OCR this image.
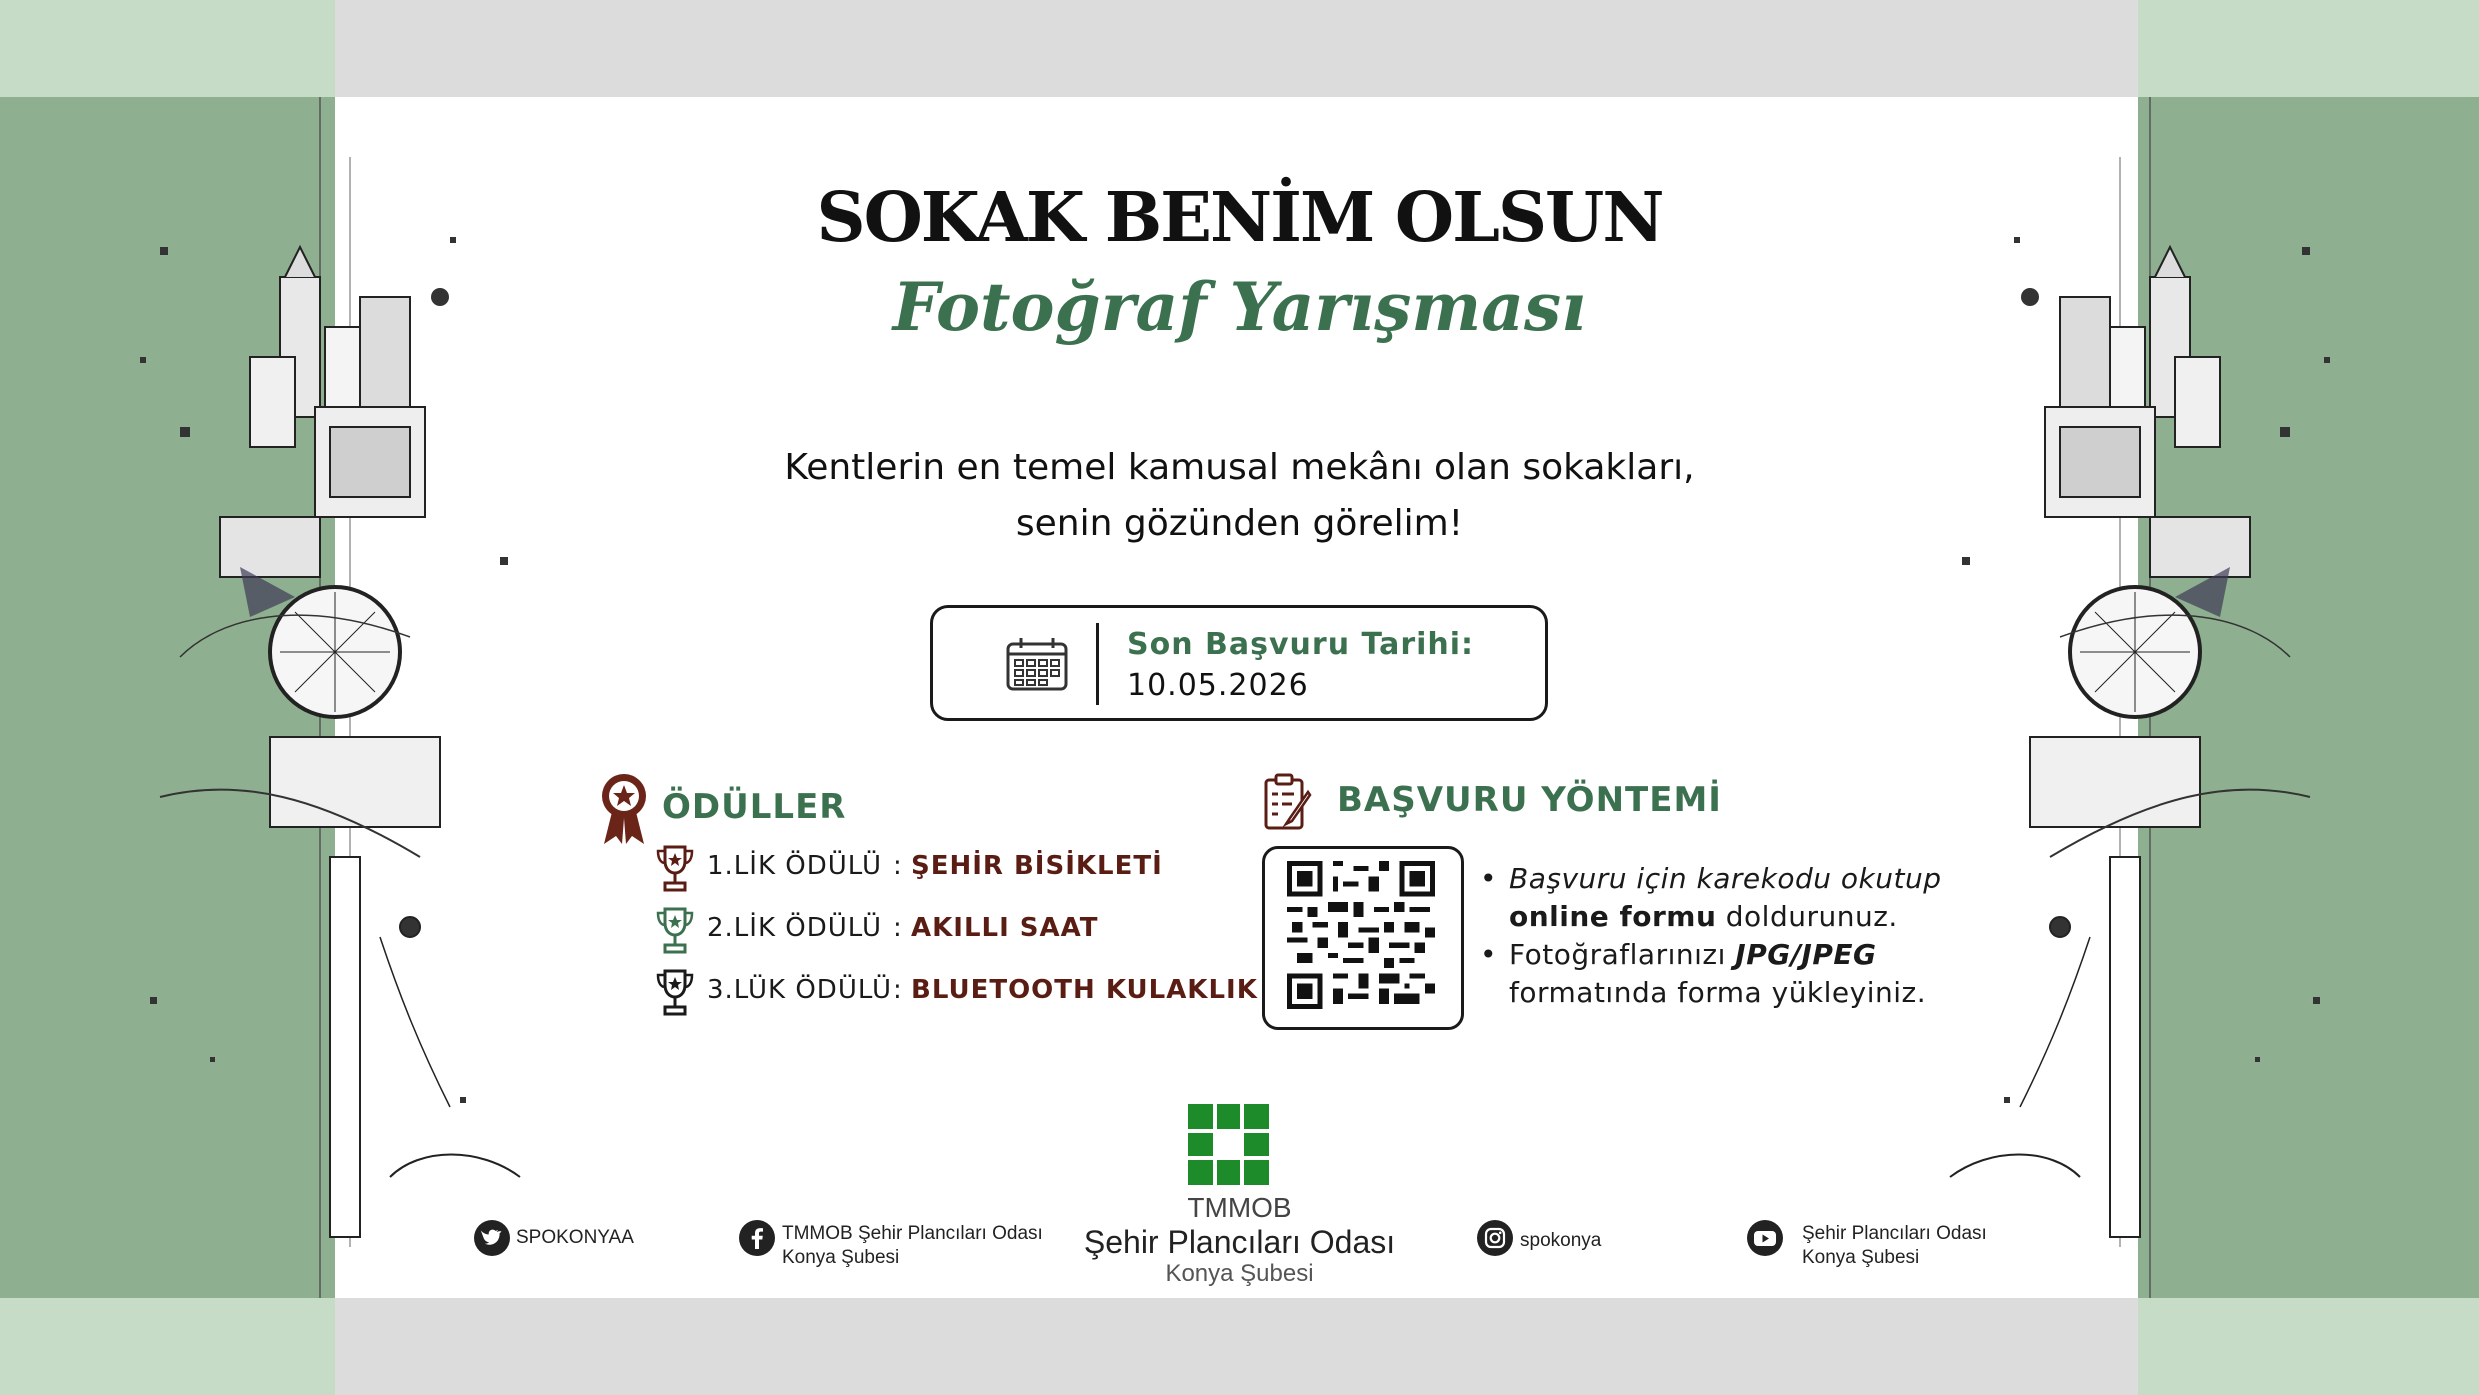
SOKAK BENİM OLSUN
Fotoğraf Yarışması
Kentlerin en temel kamusal mekânı olan sokakları,
senin gözünden görelim!
Son Başvuru Tarihi:
10.05.2026
ÖDÜLLER
1.LİK ÖDÜLÜ : ŞEHİR BİSİKLETİ
2.LİK ÖDÜLÜ : AKILLI SAAT
3.LÜK ÖDÜLÜ : BLUETOOTH KULAKLIK
BAŞVURU YÖNTEMİ
• Başvuru için karekodu okutup
online formu doldurunuz.
• Fotoğraflarınızı JPG/JPEG
formatında forma yükleyiniz.
TMMOB
Şehir Plancıları Odası
Konya Şubesi
SPOKONYAA	TMMOB Şehir Plancıları Odası
Konya Şubesi
spokonya	Şehir Plancıları Odası
Konya Şubesi
